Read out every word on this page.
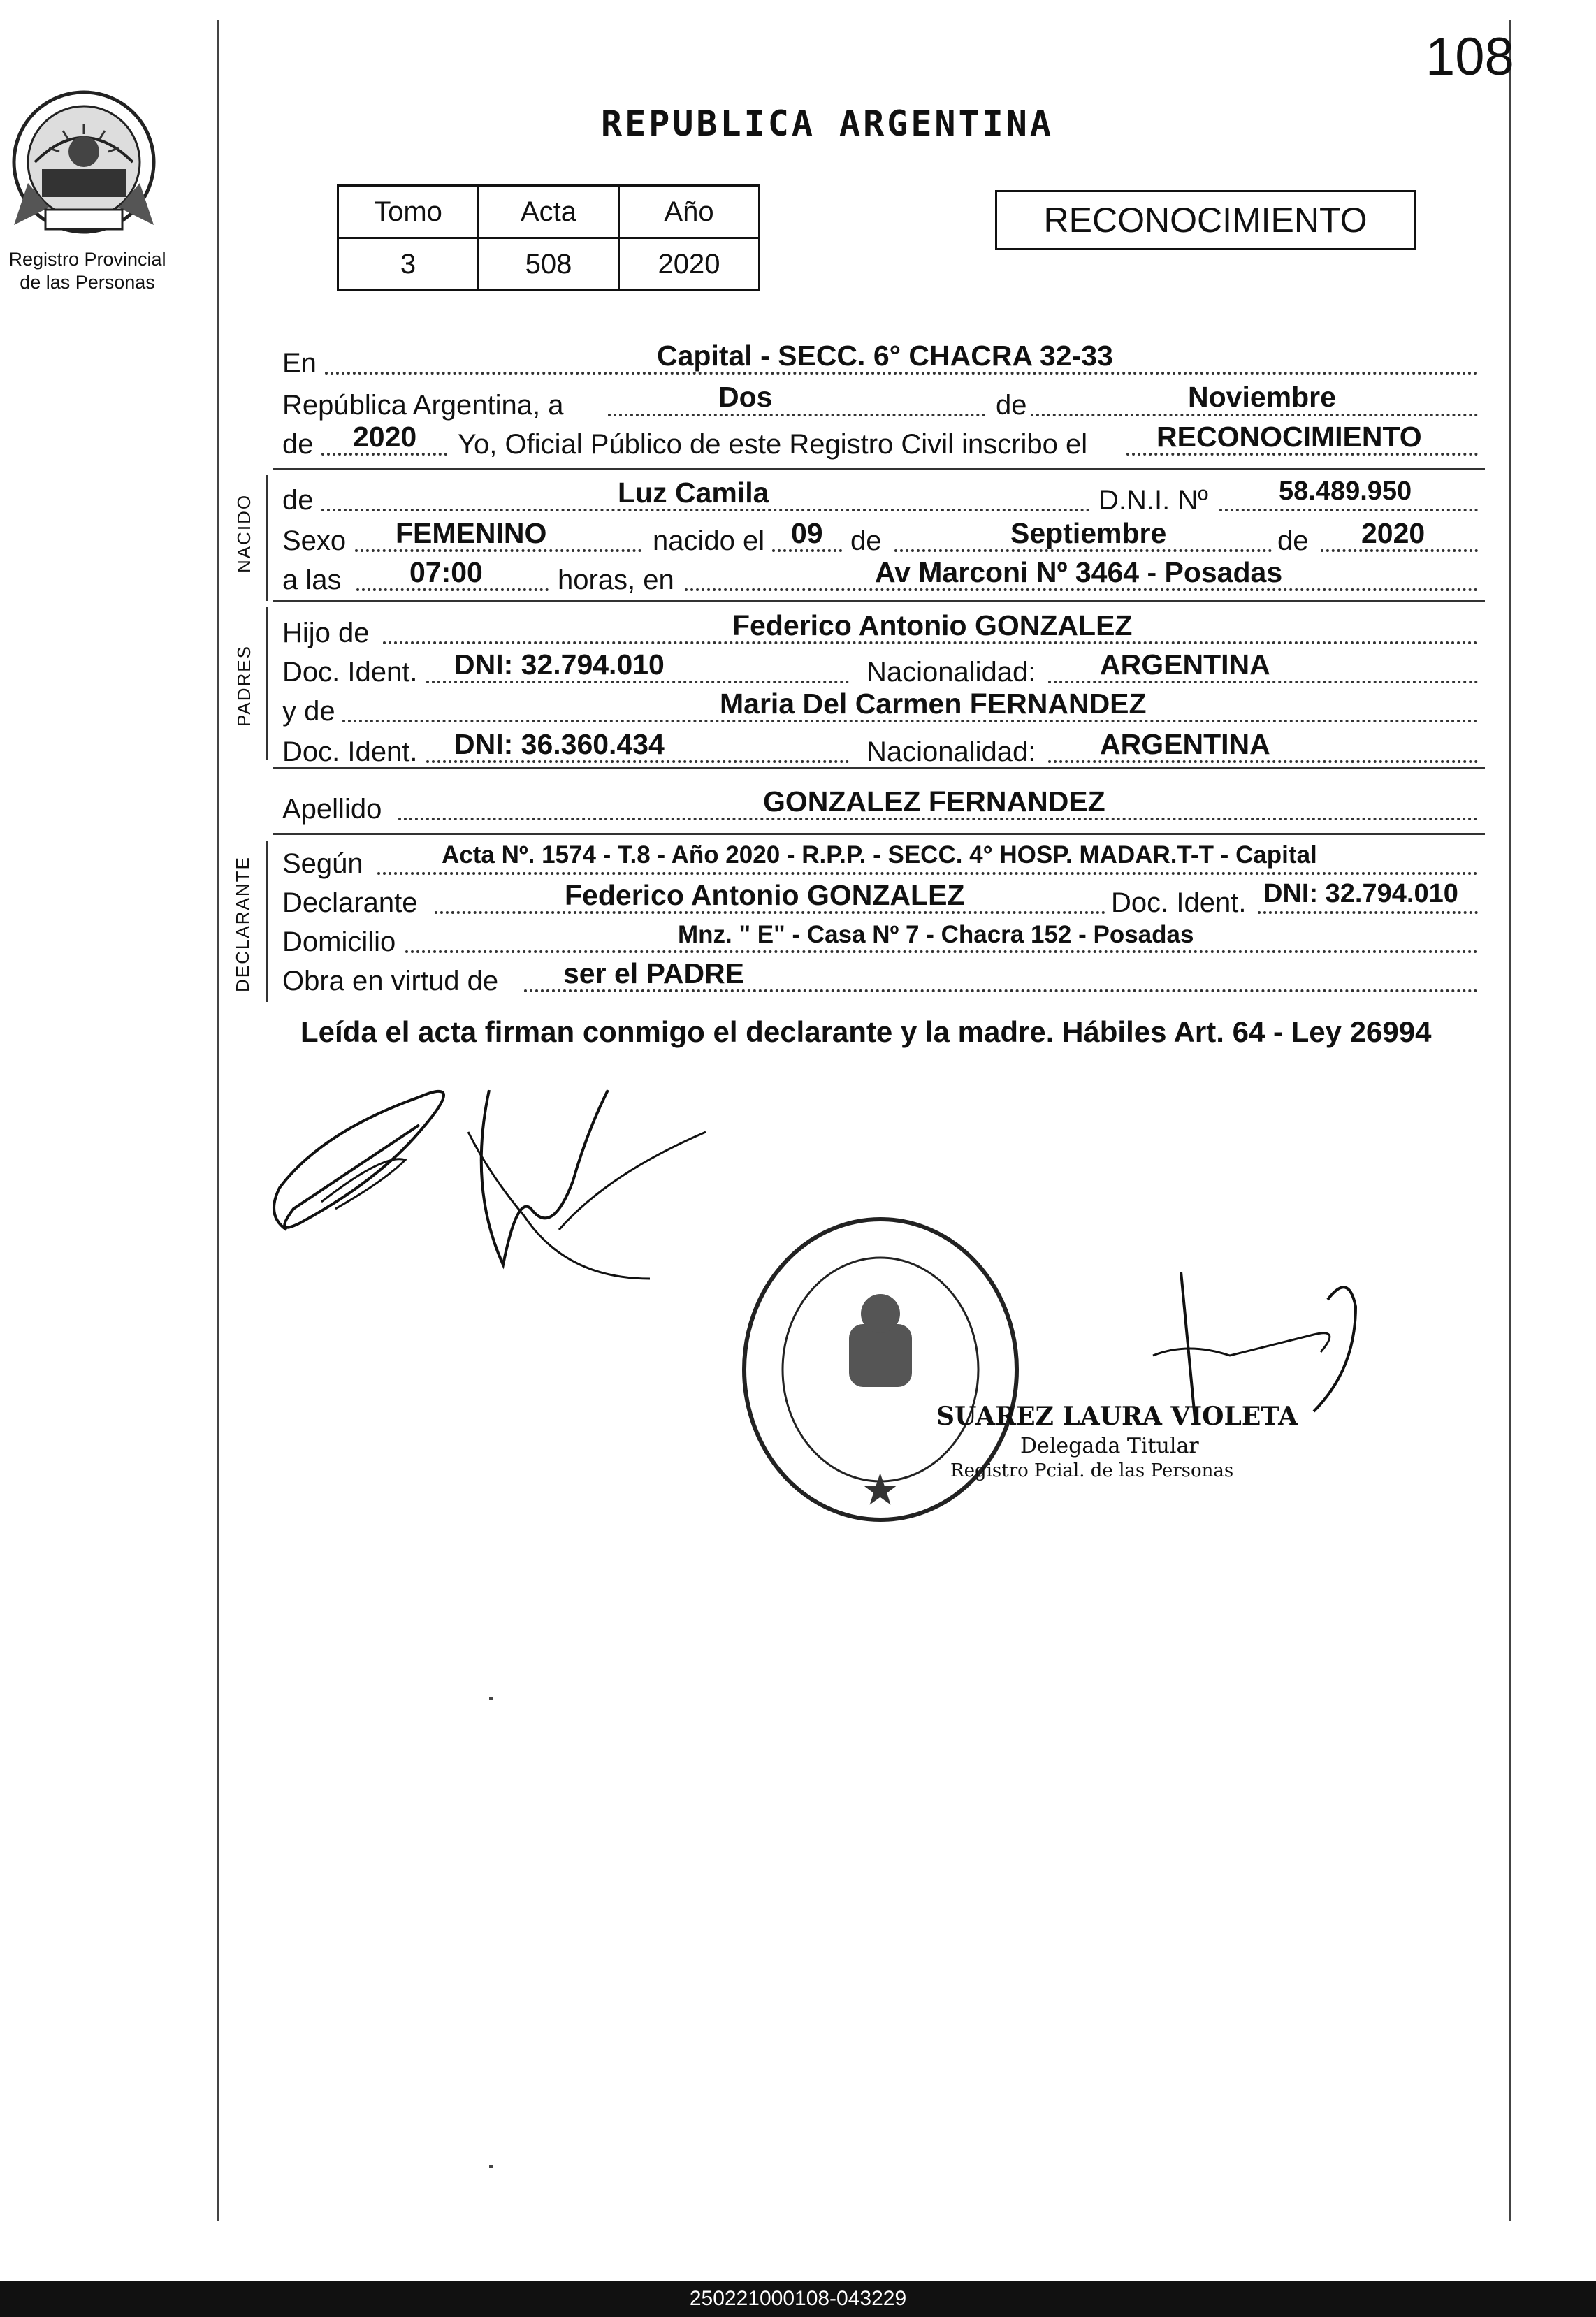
108
Registro Provincial
de las Personas
REPUBLICA ARGENTINA
Tomo	Acta	Año
3	508	2020
RECONOCIMIENTO
En	Capital - SECC. 6° CHACRA 32-33
República Argentina, a	Dos	de	Noviembre
de 2020 Yo, Oficial Público de este Registro Civil inscribo el RECONOCIMIENTO
NACIDO de	Luz Camila	D.N.I. Nº	58.489.950
Sexo FEMENINO	nacido el 09 de	Septiembre	de 2020
a las 07:00	horas, en	Av Marconi Nº 3464 - Posadas
PADRES
Hijo de	Federico Antonio GONZALEZ
Doc. Ident. DNI: 32.794.010	Nacionalidad: ARGENTINA
y de	Maria Del Carmen FERNANDEZ
Doc. Ident. DNI: 36.360.434	Nacionalidad: ARGENTINA
Apellido	GONZALEZ FERNANDEZ
DECLARANTE Según	Acta Nº. 1574 - T.8 - Año 2020 - R.P.P. - SECC. 4° HOSP. MADAR.T-T - Capital
Declarante	Federico Antonio GONZALEZ	Doc. Ident. DNI: 32.794.010
Domicilio	Mnz. " E" - Casa Nº 7 - Chacra 152 - Posadas
Obra en virtud de ser el PADRE
Leída el acta firman conmigo el declarante y la madre. Hábiles Art. 64 - Ley 26994
SUAREZ LAURA VIOLETA
Delegada Titular
Registro Pcial. de las Personas
250221000108-043229
